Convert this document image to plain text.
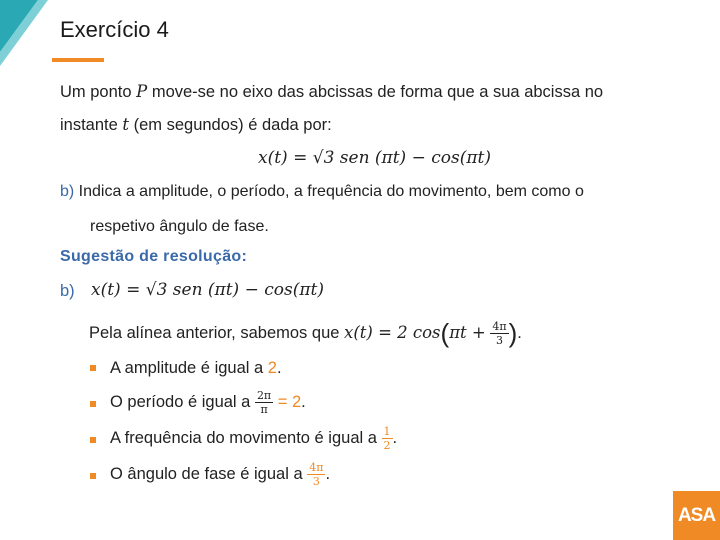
Exercício 4
Um ponto P move-se no eixo das abcissas de forma que a sua abcissa no
instante t (em segundos) é dada por:
x(t) = √3 sen (πt) − cos(πt)
b) Indica a amplitude, o período, a frequência do movimento, bem como o
respetivo ângulo de fase.
Sugestão de resolução:
b) x(t) = √3 sen (πt) − cos(πt)
Pela alínea anterior, sabemos que x(t) = 2 $\cos(\pi t + \frac{4\pi}{3}$ ).
A amplitude é igual a 2.
O período é igual a $\frac{2\pi}{\pi} = 2$.
A frequência do movimento é igual a $\frac{1}{2}$ .
O ângulo de fase é igual a $\frac{4\pi}{3}$ .
ASA
